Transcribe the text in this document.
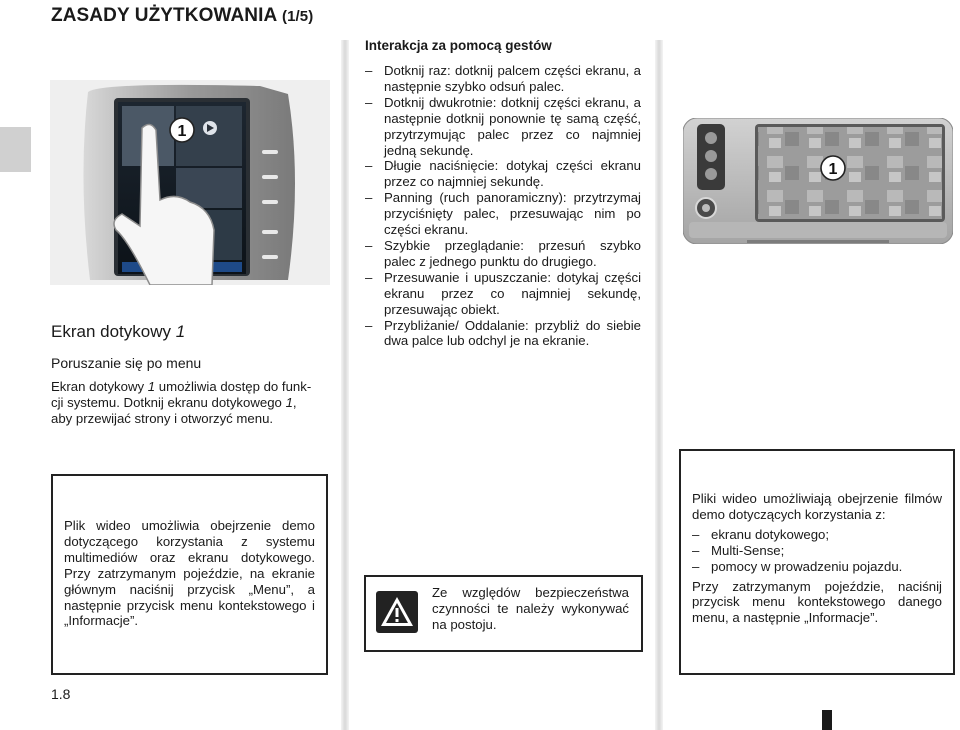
ZASADY UŻYTKOWANIA (1/5)
1
Ekran dotykowy 1
Poruszanie się po menu
Ekran dotykowy 1 umożliwia dostęp do funk-
cji systemu. Dotknij ekranu dotykowego 1,
aby przewijać strony i otworzyć menu.
Interakcja za pomocą gestów
– Dotknij raz: dotknij palcem części ekranu, a następnie szybko odsuń palec.
– Dotknij dwukrotnie: dotknij części ekranu, a następnie dotknij ponownie tę samą część, przytrzymując palec przez co najmniej jedną sekundę.
– Długie naciśnięcie: dotykaj części ekranu przez co najmniej sekundę.
– Panning (ruch panoramiczny): przytrzymaj przyciśnięty palec, przesuwając nim po części ekranu.
– Szybkie przeglądanie: przesuń szybko palec z jednego punktu do drugiego.
– Przesuwanie i upuszczanie: dotykaj części ekranu przez co najmniej sekundę, przesuwając obiekt.
– Przybliżanie/ Oddalanie: przybliż do siebie dwa palce lub odchyl je na ekranie.
1

Plik wideo umożliwia obejrzenie demo dotyczącego korzystania z systemu multimediów oraz ekranu dotykowego. Przy zatrzymanym pojeździe, na ekranie głównym naciśnij przycisk „Menu”, a następnie przycisk menu kontekstowego i „Informacje”.

Ze względów bezpieczeństwa czynności te należy wykonywać na postoju.

Pliki wideo umożliwiają obejrzenie filmów demo dotyczących korzystania z:

– ekranu dotykowego;
– Multi-Sense;
– pomocy w prowadzeniu pojazdu.

Przy zatrzymanym pojeździe, naciśnij przycisk menu kontekstowego danego menu, a następnie „Informacje”.

1.8
